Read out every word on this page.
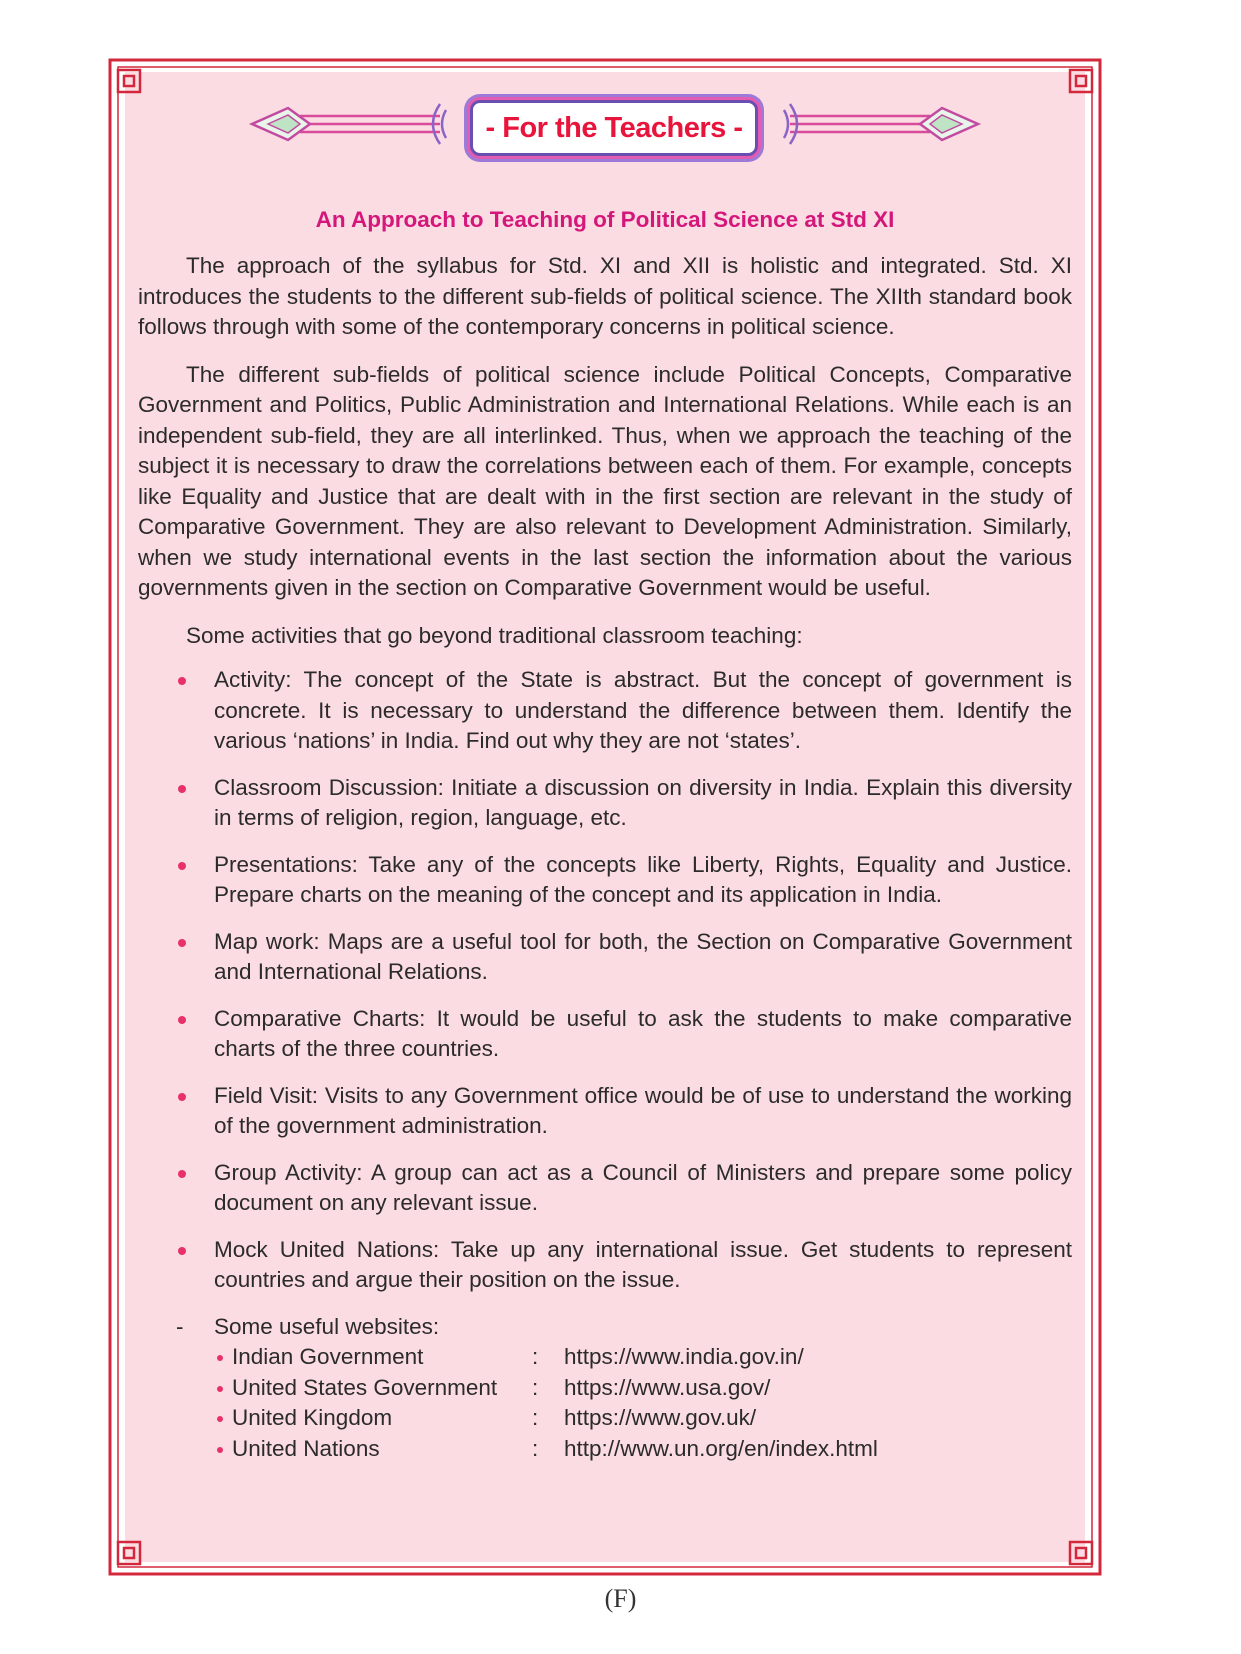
- For the Teachers -
An Approach to Teaching of Political Science at Std XI

The approach of the syllabus for Std. XI and XII is holistic and integrated. Std. XI introduces the students to the different sub-fields of political science. The XIIth standard book follows through with some of the contemporary concerns in political science.

The different sub-fields of political science include Political Concepts, Comparative Government and Politics, Public Administration and International Relations. While each is an independent sub-field, they are all interlinked. Thus, when we approach the teaching of the subject it is necessary to draw the correlations between each of them. For example, concepts like Equality and Justice that are dealt with in the first section are relevant in the study of Comparative Government. They are also relevant to Development Administration. Similarly, when we study international events in the last section the information about the various governments given in the section on Comparative Government would be useful.

Some activities that go beyond traditional classroom teaching:
Activity: The concept of the State is abstract. But the concept of government is concrete. It is necessary to understand the difference between them. Identify the various ‘nations’ in India. Find out why they are not ‘states’.
Classroom Discussion: Initiate a discussion on diversity in India. Explain this diversity in terms of religion, region, language, etc.
Presentations: Take any of the concepts like Liberty, Rights, Equality and Justice. Prepare charts on the meaning of the concept and its application in India.
Map work: Maps are a useful tool for both, the Section on Comparative Government and International Relations.
Comparative Charts: It would be useful to ask the students to make comparative charts of the three countries.
Field Visit: Visits to any Government office would be of use to understand the working of the government administration.
Group Activity: A group can act as a Council of Ministers and prepare some policy document on any relevant issue.
Mock United Nations: Take up any international issue. Get students to represent countries and argue their position on the issue.
- Some useful websites:
Indian Government	:	https://www.india.gov.in/
United States Government	:	https://www.usa.gov/
United Kingdom	:	https://www.gov.uk/
United Nations	:	http://www.un.org/en/index.html
(F)
